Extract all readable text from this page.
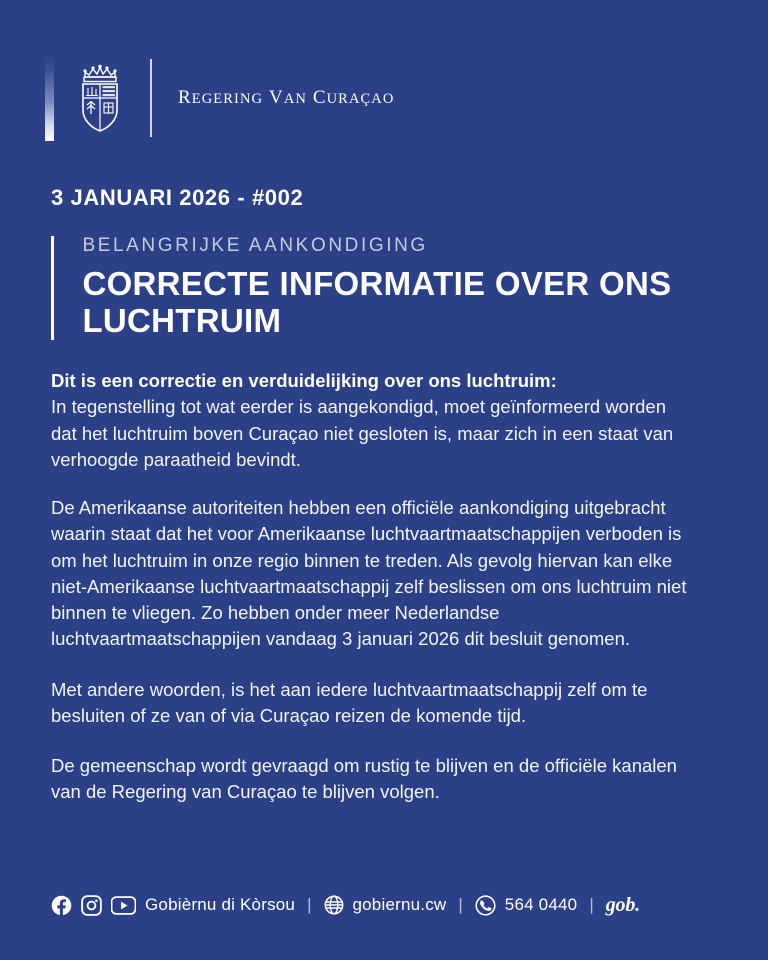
REGERING VAN CURAÇAO
3 JANUARI 2026 - #002
BELANGRIJKE AANKONDIGING
CORRECTE INFORMATIE OVER ONS LUCHTRUIM

Dit is een correctie en verduidelijking over ons luchtruim:
In tegenstelling tot wat eerder is aangekondigd, moet geïnformeerd worden dat het luchtruim boven Curaçao niet gesloten is, maar zich in een staat van verhoogde paraatheid bevindt.

De Amerikaanse autoriteiten hebben een officiële aankondiging uitgebracht waarin staat dat het voor Amerikaanse luchtvaartmaatschappijen verboden is om het luchtruim in onze regio binnen te treden. Als gevolg hiervan kan elke niet-Amerikaanse luchtvaartmaatschappij zelf beslissen om ons luchtruim niet binnen te vliegen. Zo hebben onder meer Nederlandse luchtvaartmaatschappijen vandaag 3 januari 2026 dit besluit genomen.

Met andere woorden, is het aan iedere luchtvaartmaatschappij zelf om te besluiten of ze van of via Curaçao reizen de komende tijd.

De gemeenschap wordt gevraagd om rustig te blijven en de officiële kanalen van de Regering van Curaçao te blijven volgen.

Gobièrnu di Kòrsou | gobiernu.cw | 564 0440 | gob.
